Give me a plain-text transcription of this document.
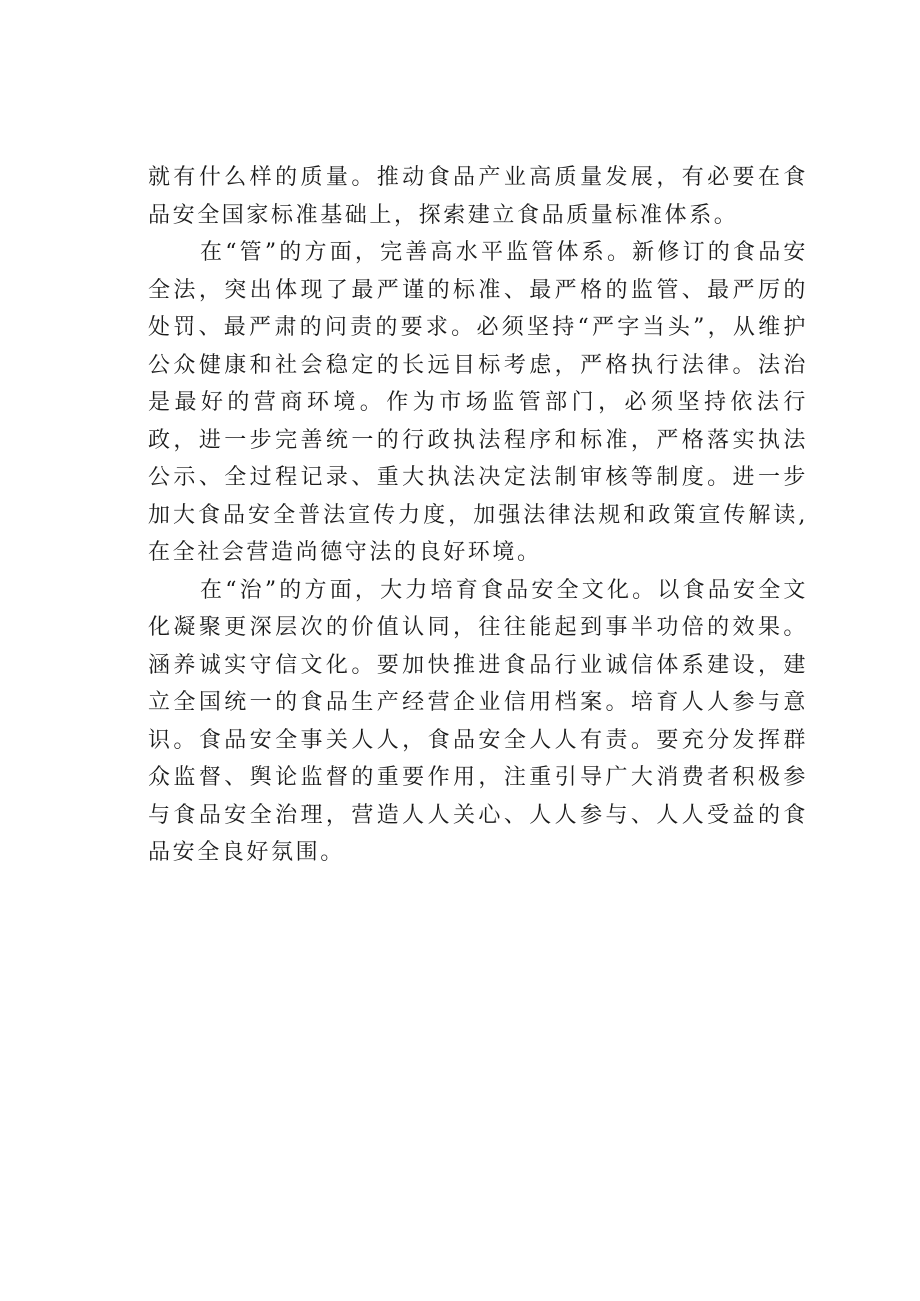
就有什么样的质量。推动食品产业高质量发展，有必要在食品安全国家标准基础上，探索建立食品质量标准体系。

在“管”的方面，完善高水平监管体系。新修订的食品安全法，突出体现了最严谨的标准、最严格的监管、最严厉的处罚、最严肃的问责的要求。必须坚持“严字当头”，从维护公众健康和社会稳定的长远目标考虑，严格执行法律。法治是最好的营商环境。作为市场监管部门，必须坚持依法行政，进一步完善统一的行政执法程序和标准，严格落实执法公示、全过程记录、重大执法决定法制审核等制度。进一步加大食品安全普法宣传力度，加强法律法规和政策宣传解读,在全社会营造尚德守法的良好环境。

在“治”的方面，大力培育食品安全文化。以食品安全文化凝聚更深层次的价值认同，往往能起到事半功倍的效果。涵养诚实守信文化。要加快推进食品行业诚信体系建设，建立全国统一的食品生产经营企业信用档案。培育人人参与意识。食品安全事关人人，食品安全人人有责。要充分发挥群众监督、舆论监督的重要作用，注重引导广大消费者积极参与食品安全治理，营造人人关心、人人参与、人人受益的食品安全良好氛围。
